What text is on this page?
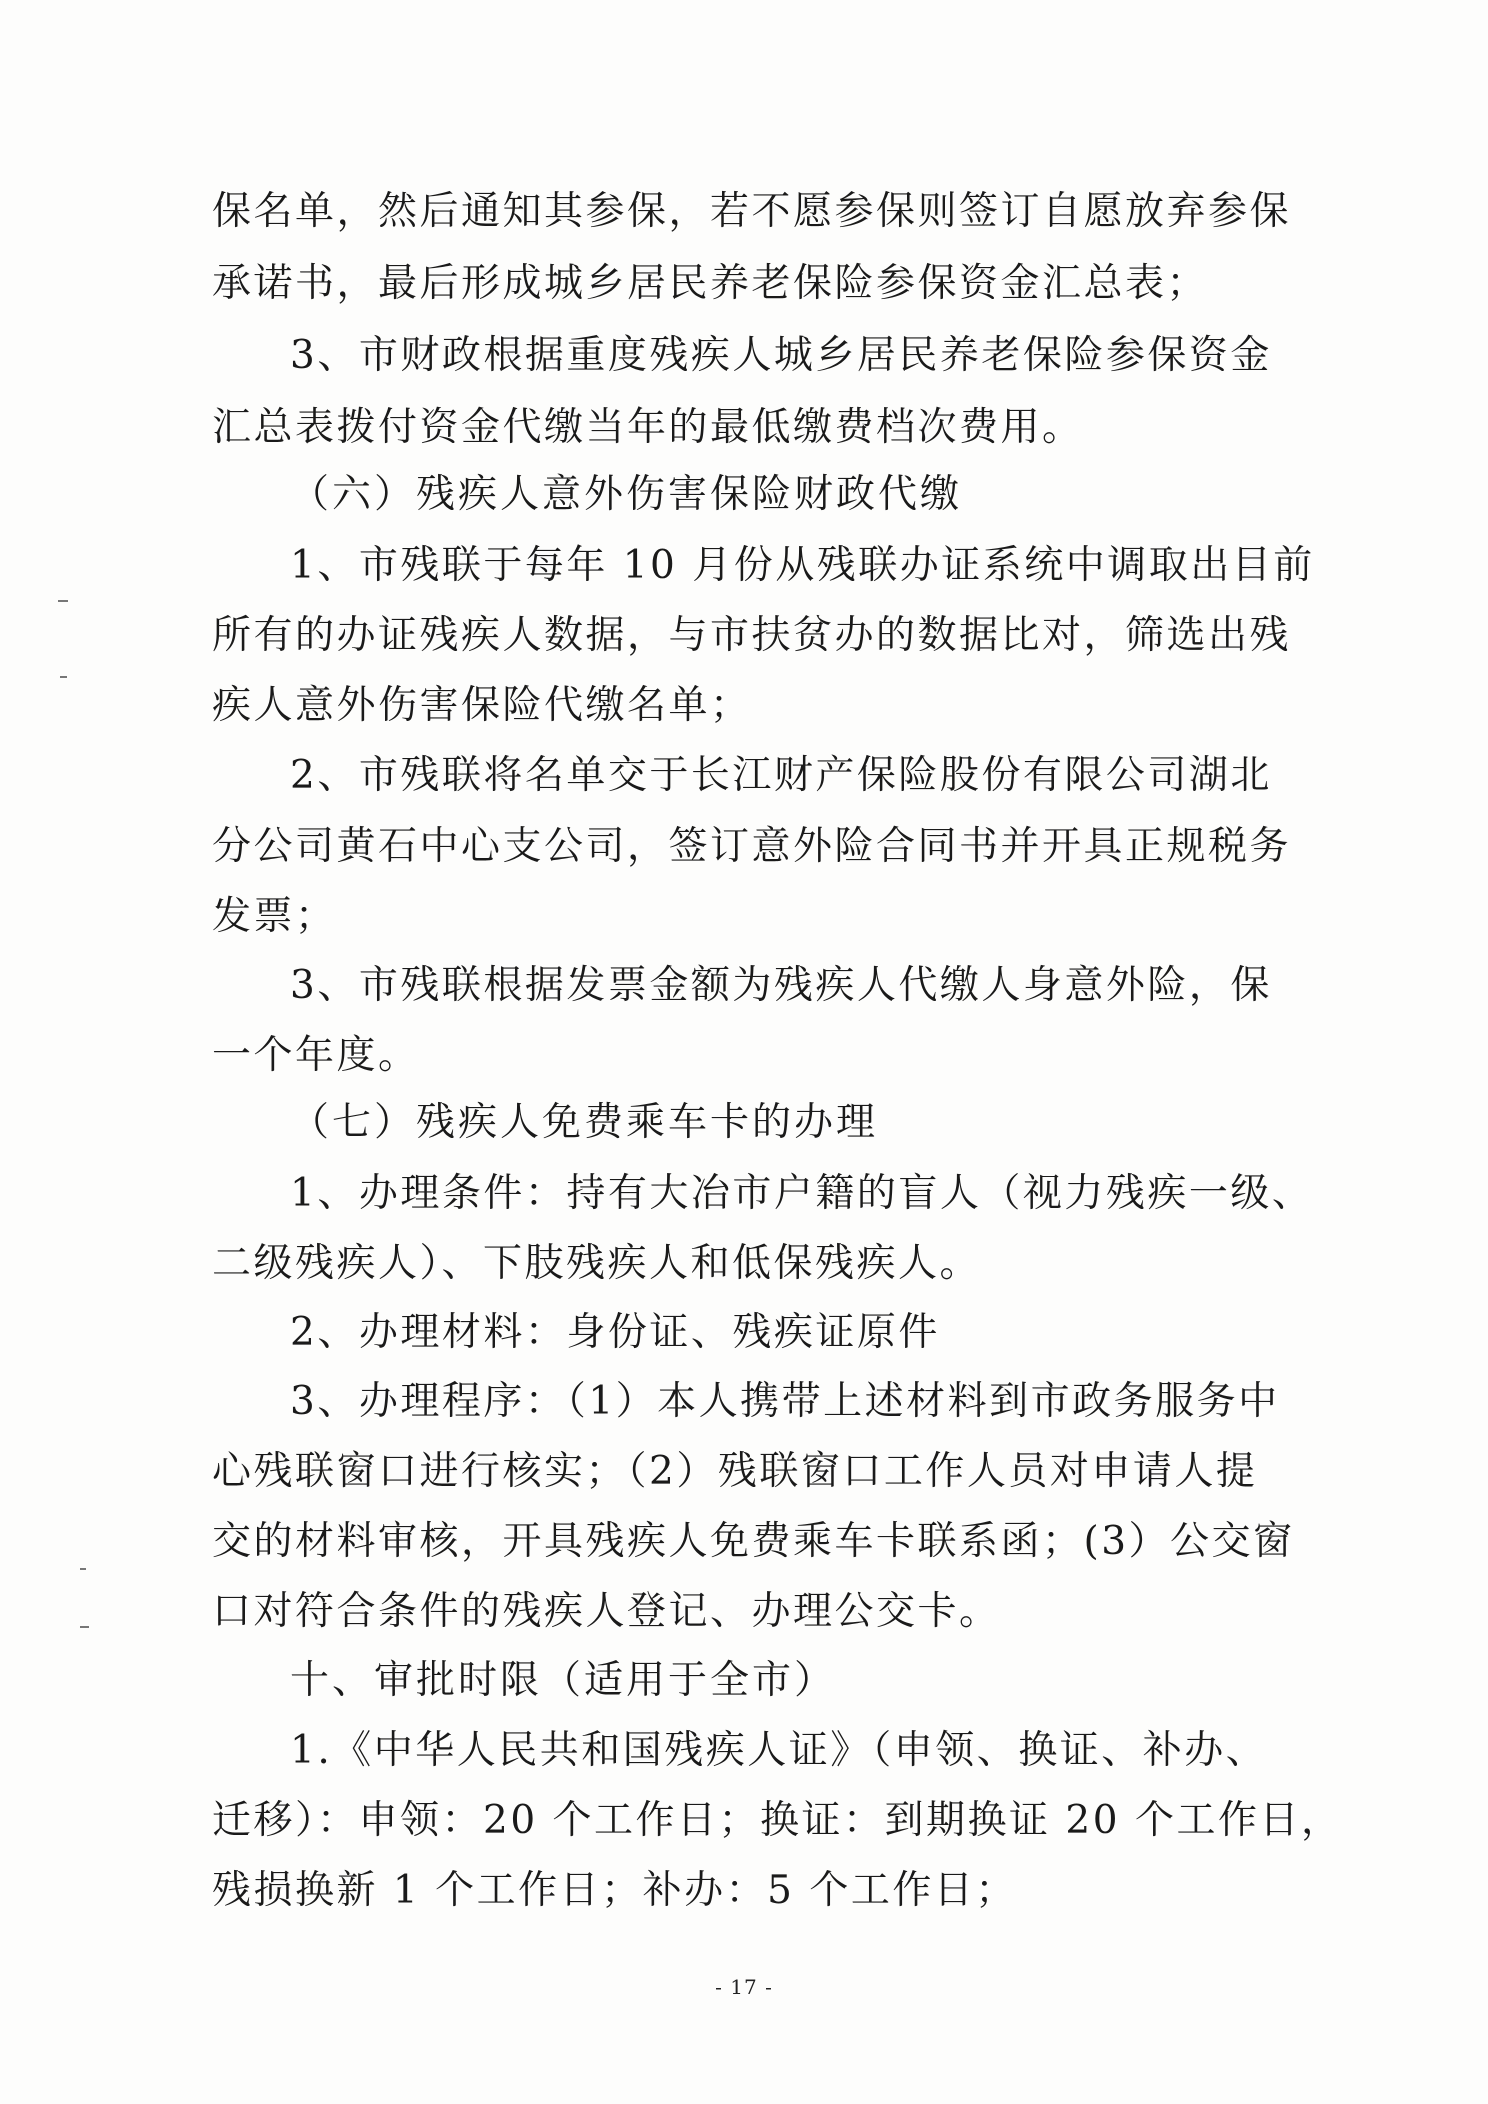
保名单，然后通知其参保，若不愿参保则签订自愿放弃参保
承诺书，最后形成城乡居民养老保险参保资金汇总表；
3、市财政根据重度残疾人城乡居民养老保险参保资金
汇总表拨付资金代缴当年的最低缴费档次费用。
（六）残疾人意外伤害保险财政代缴
1、市残联于每年 10 月份从残联办证系统中调取出目前
所有的办证残疾人数据，与市扶贫办的数据比对，筛选出残
疾人意外伤害保险代缴名单；
2、市残联将名单交于长江财产保险股份有限公司湖北
分公司黄石中心支公司，签订意外险合同书并开具正规税务
发票；
3、市残联根据发票金额为残疾人代缴人身意外险，保
一个年度。
（七）残疾人免费乘车卡的办理
1、办理条件：持有大冶市户籍的盲人（视力残疾一级、
二级残疾人）、下肢残疾人和低保残疾人。
2、办理材料：身份证、残疾证原件
3、办理程序：（1）本人携带上述材料到市政务服务中
心残联窗口进行核实；（2）残联窗口工作人员对申请人提
交的材料审核，开具残疾人免费乘车卡联系函；(3）公交窗
口对符合条件的残疾人登记、办理公交卡。
十、审批时限（适用于全市）
1.《中华人民共和国残疾人证》（申领、换证、补办、
迁移）：申领：20 个工作日；换证：到期换证 20 个工作日，
残损换新 1 个工作日；补办：5 个工作日；
- 17 -
